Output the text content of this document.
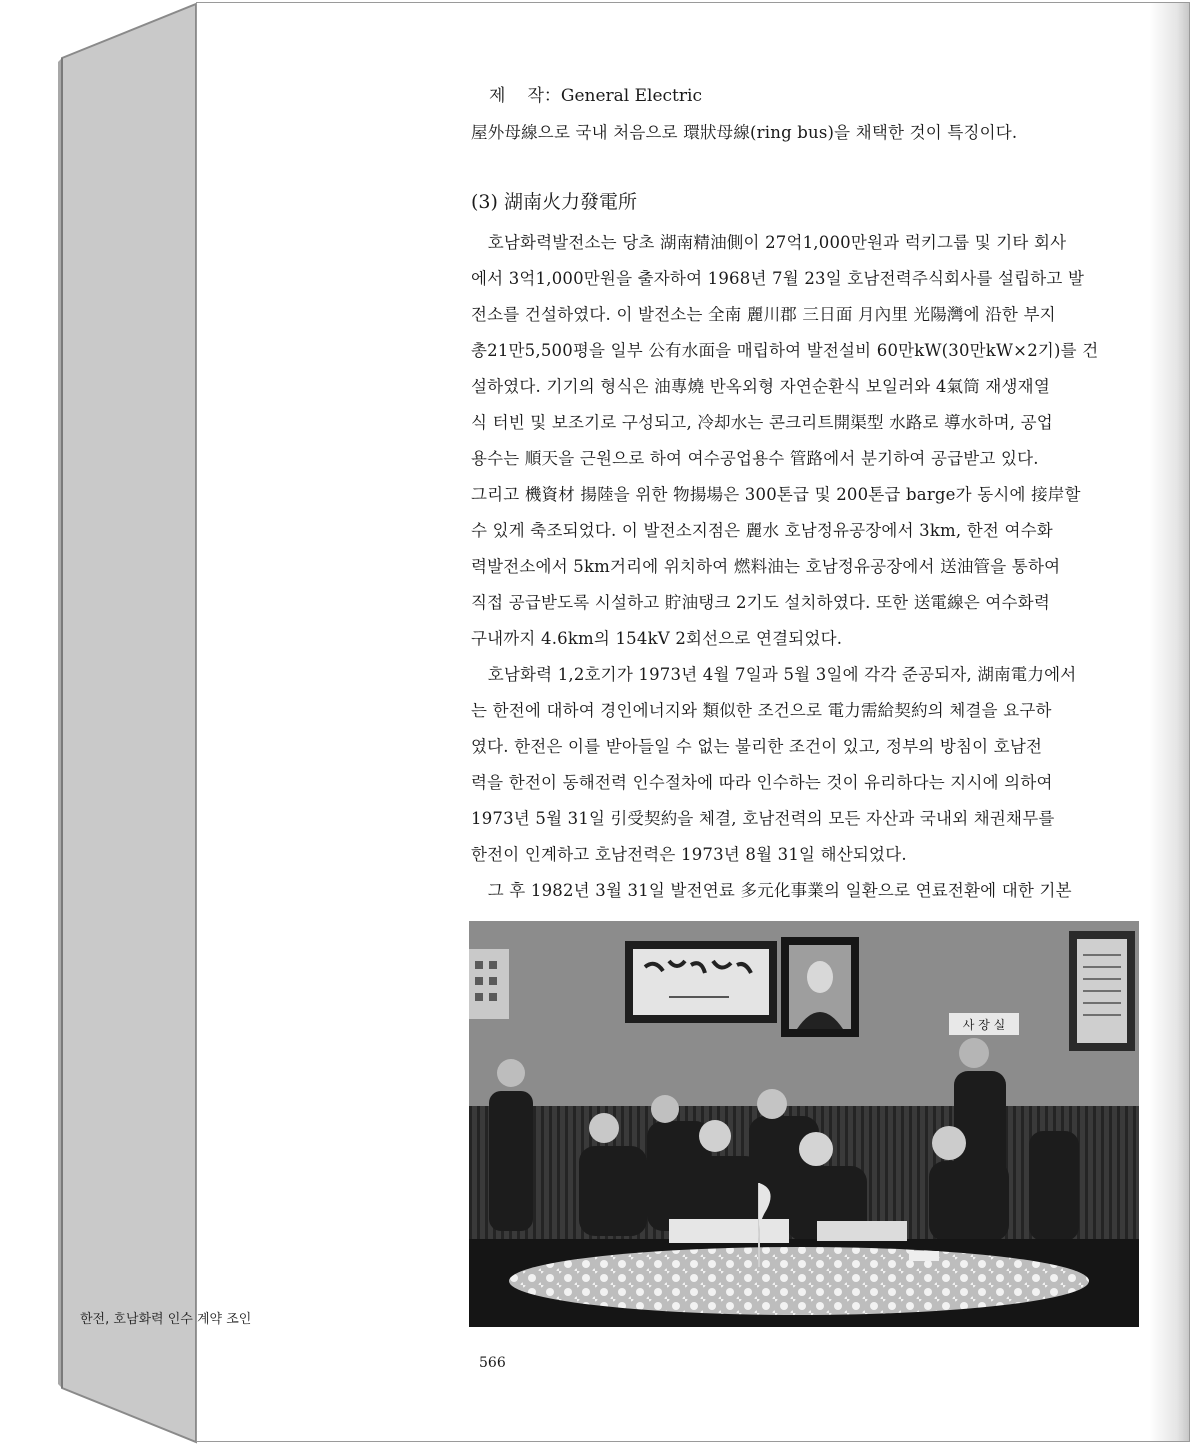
제 작：General Electric
屋外母線으로 국내 처음으로 環狀母線(ring bus)을 채택한 것이 특징이다.
(3) 湖南火力發電所
　호남화력발전소는 당초 湖南精油側이 27억1,000만원과 럭키그룹 및 기타 회사
에서 3억1,000만원을 출자하여 1968년 7월 23일 호남전력주식회사를 설립하고 발
전소를 건설하였다. 이 발전소는 全南 麗川郡 三日面 月內里 光陽灣에 沿한 부지
총21만5,500평을 일부 公有水面을 매립하여 발전설비 60만kW(30만kW×2기)를 건
설하였다. 기기의 형식은 油專燒 반옥외형 자연순환식 보일러와 4氣筒 재생재열
식 터빈 및 보조기로 구성되고, 冷却水는 콘크리트開渠型 水路로 導水하며, 공업
용수는 順天을 근원으로 하여 여수공업용수 管路에서 분기하여 공급받고 있다.
그리고 機資材 揚陸을 위한 物揚場은 300톤급 및 200톤급 barge가 동시에 接岸할
수 있게 축조되었다. 이 발전소지점은 麗水 호남정유공장에서 3km, 한전 여수화
력발전소에서 5km거리에 위치하여 燃料油는 호남정유공장에서 送油管을 통하여
직접 공급받도록 시설하고 貯油탱크 2기도 설치하였다. 또한 送電線은 여수화력
구내까지 4.6km의 154kV 2회선으로 연결되었다.
　호남화력 1,2호기가 1973년 4월 7일과 5월 3일에 각각 준공되자, 湖南電力에서
는 한전에 대하여 경인에너지와 類似한 조건으로 電力需給契約의 체결을 요구하
였다. 한전은 이를 받아들일 수 없는 불리한 조건이 있고, 정부의 방침이 호남전
력을 한전이 동해전력 인수절차에 따라 인수하는 것이 유리하다는 지시에 의하여
1973년 5월 31일 引受契約을 체결, 호남전력의 모든 자산과 국내외 채권채무를
한전이 인계하고 호남전력은 1973년 8월 31일 해산되었다.
　그 후 1982년 3월 31일 발전연료 多元化事業의 일환으로 연료전환에 대한 기본
사 장 실
566
한전, 호남화력 인수 계약 조인
